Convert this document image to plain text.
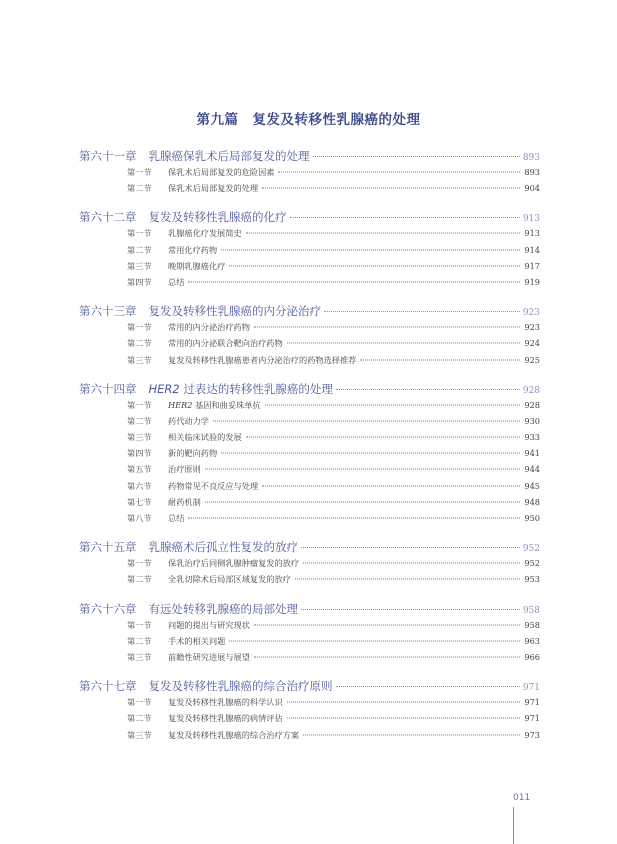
第九篇　复发及转移性乳腺癌的处理
第六十一章 乳腺癌保乳术后局部复发的处理	893
第一节	保乳术后局部复发的危险因素	893
第二节	保乳术后局部复发的处理	904
第六十二章 复发及转移性乳腺癌的化疗	913
第一节	乳腺癌化疗发展简史	913
第二节	常用化疗药物	914
第三节	晚期乳腺癌化疗	917
第四节	总结	919
第六十三章 复发及转移性乳腺癌的内分泌治疗	923
第一节	常用的内分泌治疗药物	923
第二节	常用的内分泌联合靶向治疗药物	924
第三节	复发及转移性乳腺癌患者内分泌治疗的药物选择推荐	925
第六十四章 HER2 过表达的转移性乳腺癌的处理	928
第一节	HER2 基因和曲妥珠单抗	928
第二节	药代动力学	930
第三节	相关临床试验的发展	933
第四节	新的靶向药物	941
第五节	治疗原则	944
第六节	药物常见不良反应与处理	945
第七节	耐药机制	948
第八节	总结	950
第六十五章 乳腺癌术后孤立性复发的放疗	952
第一节	保乳治疗后同侧乳腺肿瘤复发的放疗	952
第二节	全乳切除术后局部区域复发的放疗	953
第六十六章 有远处转移乳腺癌的局部处理	958
第一节	问题的提出与研究现状	958
第二节	手术的相关问题	963
第三节	前瞻性研究进展与展望	966
第六十七章 复发及转移性乳腺癌的综合治疗原则	971
第一节	复发及转移性乳腺癌的科学认识	971
第二节	复发及转移性乳腺癌的病情评估	971
第三节	复发及转移性乳腺癌的综合治疗方案	973
011
